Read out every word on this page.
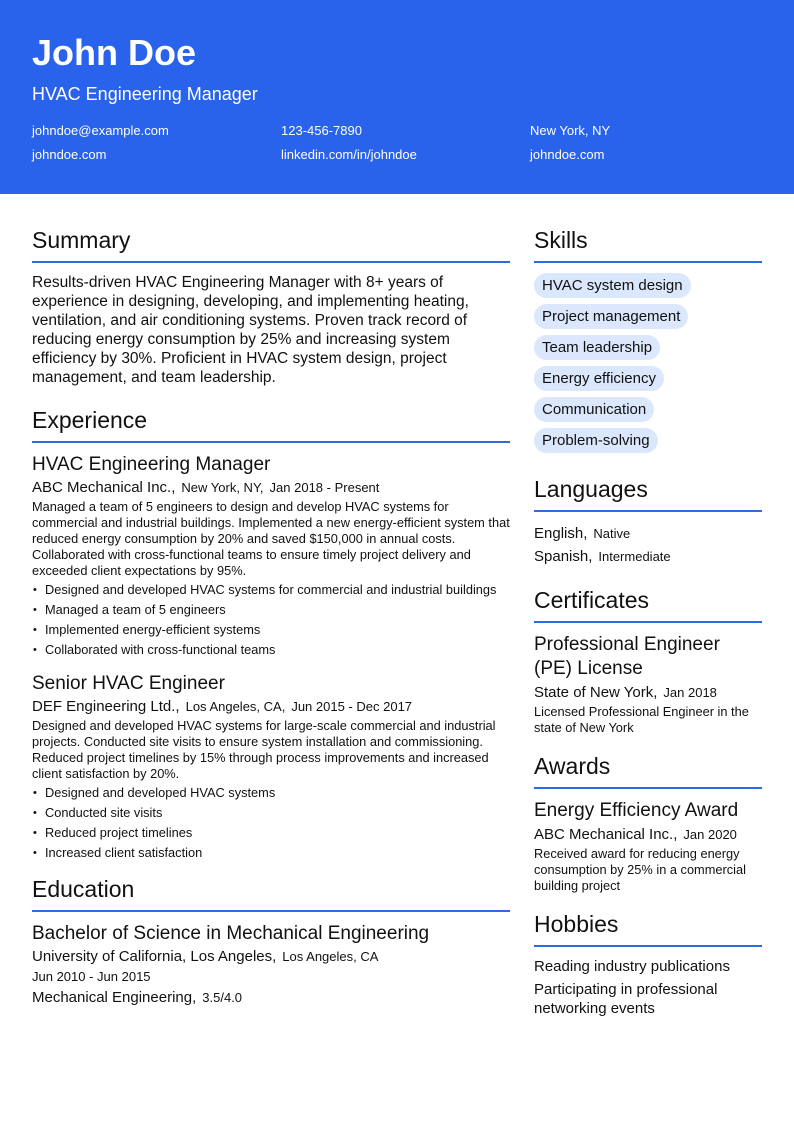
John Doe
HVAC Engineering Manager
johndoe@example.com	123-456-7890	New York, NY
johndoe.com	linkedin.com/in/johndoe	johndoe.com
Summary
Results-driven HVAC Engineering Manager with 8+ years of experience in designing, developing, and implementing heating, ventilation, and air conditioning systems. Proven track record of reducing energy consumption by 25% and increasing system efficiency by 30%. Proficient in HVAC system design, project management, and team leadership.
Experience
HVAC Engineering Manager
ABC Mechanical Inc., New York, NY, Jan 2018 - Present
Managed a team of 5 engineers to design and develop HVAC systems for commercial and industrial buildings. Implemented a new energy-efficient system that reduced energy consumption by 20% and saved $150,000 in annual costs. Collaborated with cross-functional teams to ensure timely project delivery and exceeded client expectations by 95%.
• Designed and developed HVAC systems for commercial and industrial buildings
• Managed a team of 5 engineers
• Implemented energy-efficient systems
• Collaborated with cross-functional teams
Senior HVAC Engineer
DEF Engineering Ltd., Los Angeles, CA, Jun 2015 - Dec 2017
Designed and developed HVAC systems for large-scale commercial and industrial projects. Conducted site visits to ensure system installation and commissioning. Reduced project timelines by 15% through process improvements and increased client satisfaction by 20%.
• Designed and developed HVAC systems
• Conducted site visits
• Reduced project timelines
• Increased client satisfaction
Education
Bachelor of Science in Mechanical Engineering
University of California, Los Angeles, Los Angeles, CA
Jun 2010 - Jun 2015
Mechanical Engineering, 3.5/4.0
Skills
HVAC system design
Project management
Team leadership
Energy efficiency
Communication
Problem-solving
Languages
English, Native
Spanish, Intermediate
Certificates
Professional Engineer (PE) License
State of New York, Jan 2018
Licensed Professional Engineer in the state of New York
Awards
Energy Efficiency Award
ABC Mechanical Inc., Jan 2020
Received award for reducing energy consumption by 25% in a commercial building project
Hobbies
Reading industry publications
Participating in professional networking events
